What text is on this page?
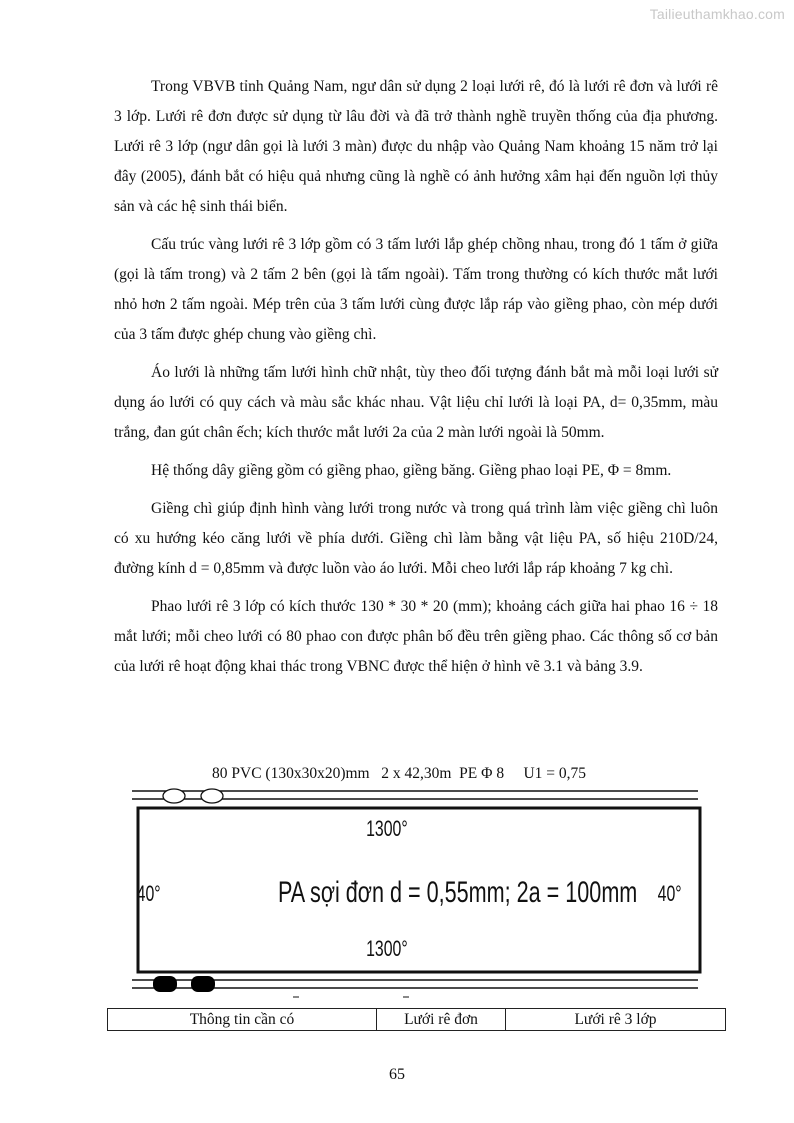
Tailieuthamkhao.com

Trong VBVB tỉnh Quảng Nam, ngư dân sử dụng 2 loại lưới rê, đó là lưới rê đơn và lưới rê 3 lớp. Lưới rê đơn được sử dụng từ lâu đời và đã trở thành nghề truyền thống của địa phương. Lưới rê 3 lớp (ngư dân gọi là lưới 3 màn) được du nhập vào Quảng Nam khoảng 15 năm trở lại đây (2005), đánh bắt có hiệu quả nhưng cũng là nghề có ảnh hưởng xâm hại đến nguồn lợi thủy sản và các hệ sinh thái biển.

Cấu trúc vàng lưới rê 3 lớp gồm có 3 tấm lưới lắp ghép chồng nhau, trong đó 1 tấm ở giữa (gọi là tấm trong) và 2 tấm 2 bên (gọi là tấm ngoài). Tấm trong thường có kích thước mắt lưới nhỏ hơn 2 tấm ngoài. Mép trên của 3 tấm lưới cùng được lắp ráp vào giềng phao, còn mép dưới của 3 tấm được ghép chung vào giềng chì.

Áo lưới là những tấm lưới hình chữ nhật, tùy theo đối tượng đánh bắt mà mỗi loại lưới sử dụng áo lưới có quy cách và màu sắc khác nhau. Vật liệu chỉ lưới là loại PA, d= 0,35mm, màu trắng, đan gút chân ếch; kích thước mắt lưới 2a của 2 màn lưới ngoài là 50mm.

Hệ thống dây giềng gồm có giềng phao, giềng băng. Giềng phao loại PE, Φ = 8mm.

Giềng chì giúp định hình vàng lưới trong nước và trong quá trình làm việc giềng chì luôn có xu hướng kéo căng lưới về phía dưới. Giềng chì làm bằng vật liệu PA, số hiệu 210D/24, đường kính d = 0,85mm và được luồn vào áo lưới. Mỗi cheo lưới lắp ráp khoảng 7 kg chì.

Phao lưới rê 3 lớp có kích thước 130 * 30 * 20 (mm); khoảng cách giữa hai phao 16 ÷ 18 mắt lưới; mỗi cheo lưới có 80 phao con được phân bố đều trên giềng phao. Các thông số cơ bản của lưới rê hoạt động khai thác trong VBNC được thể hiện ở hình vẽ 3.1 và bảng 3.9.

80 PVC (130x30x20)mm   2 x 42,30m  PE Φ 8     U1 = 0,75
1300°
1300°
40°	40°
PA sợi đơn d = 0,55mm; 2a = 100mm
Thông tin cần có	Lưới rê đơn	Lưới rê 3 lớp
65
